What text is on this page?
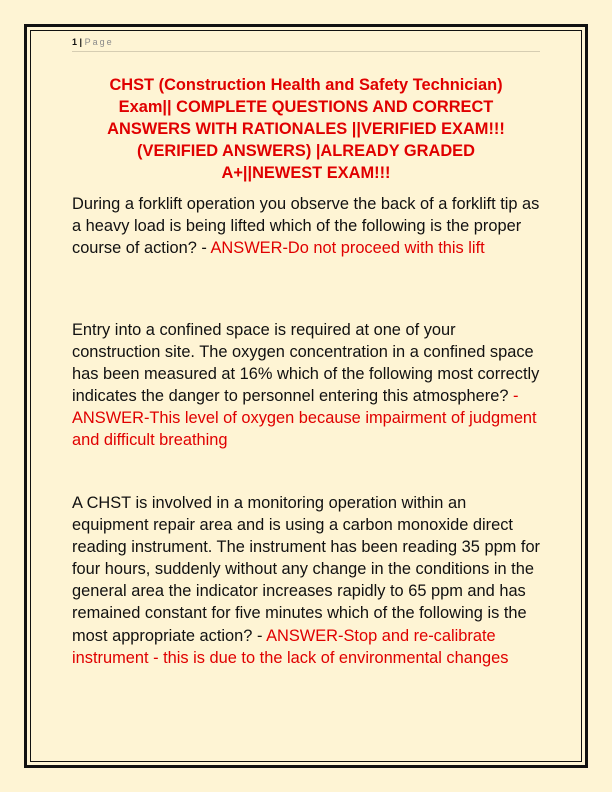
1 | Page
CHST (Construction Health and Safety Technician)
Exam|| COMPLETE QUESTIONS AND CORRECT
ANSWERS WITH RATIONALES ||VERIFIED EXAM!!!
(VERIFIED ANSWERS) |ALREADY GRADED
A+||NEWEST EXAM!!!
During a forklift operation you observe the back of a forklift tip as a heavy load is being lifted which of the following is the proper course of action? - ANSWER-Do not proceed with this lift
Entry into a confined space is required at one of your construction site. The oxygen concentration in a confined space has been measured at 16% which of the following most correctly indicates the danger to personnel entering this atmosphere? - ANSWER-This level of oxygen because impairment of judgment and difficult breathing
A CHST is involved in a monitoring operation within an equipment repair area and is using a carbon monoxide direct reading instrument. The instrument has been reading 35 ppm for four hours, suddenly without any change in the conditions in the general area the indicator increases rapidly to 65 ppm and has remained constant for five minutes which of the following is the most appropriate action? - ANSWER-Stop and re-calibrate instrument - this is due to the lack of environmental changes
